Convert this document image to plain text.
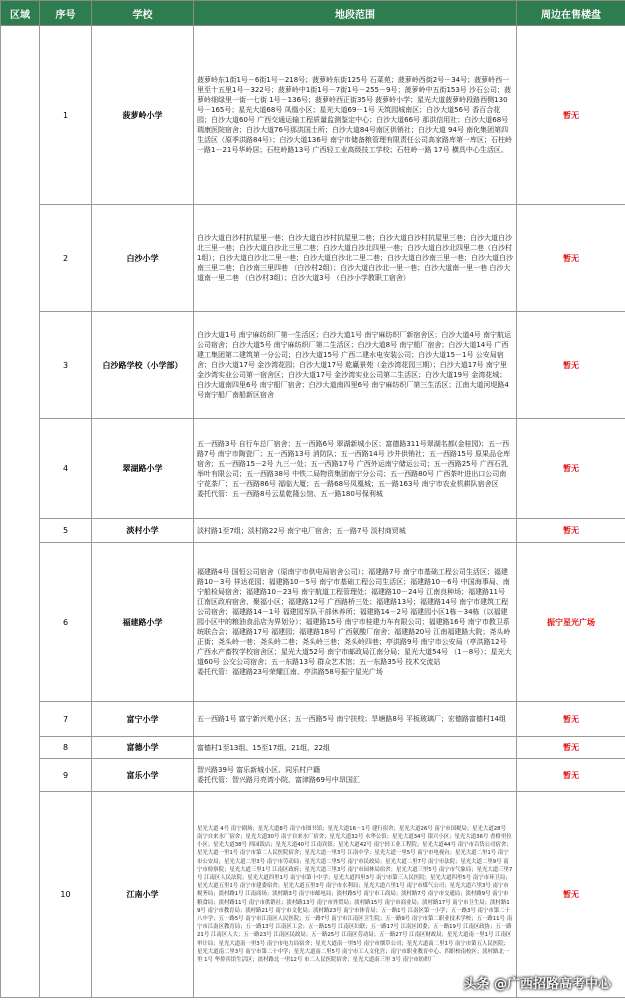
区域	序号	学校	地段范围	周边在售楼盘
	1	菠萝岭小学	菠萝岭东1街1号－6街1号－218号；菠萝岭东街125号 石菜苑；菠萝岭西街2号－34号；菠萝岭西一里至十五里1号－322号；菠萝岭中1街1号－7街1号－255－9号；菠萝岭中五街153号 沙石公司；菠萝岭细绿里一街一七街 1号－136号；菠萝岭西正街35号 菠萝岭小学；星光大道菠萝岭段路西侧130号－165号；星光大道68号 凤凰小区；星光大道69－1号 天筑园城南区；白沙大道56号 香百合花园；白沙大道60号 广西交通运输工程质量监测鉴定中心；白沙大道66号 那洪信用社；白沙大道68号 瑞康医院宿舍；白沙大道76号那洪国土所；白沙大道84号南区供销社；白沙大道 94号 南化集团第四生活区（原季洪路84号）；白沙大道136号 南宁市储备粮管理有限责任公司高家路库第一库区；石柱岭一路1－21号华岭居；石柱岭路13号 广西轻工业高级技工学校；石柱岭一路 17号 横具中心生活区。	暂无
	2	白沙小学	白沙大道白沙村抗屋里一巷；白沙大道白沙村抗屋里二巷；白沙大道白沙村抗屋里三巷；白沙大道白沙北三里一巷；白沙大道白沙北三里二巷；白沙大道白沙北四里一巷；白沙大道白沙北四里二巷（白沙村1组）；白沙大道白沙北二里一巷；白沙大道白沙北二里二巷；白沙大道白沙南三里一巷；白沙大道白沙南三里二巷；白沙南三里四巷 （白沙村2组）；白沙大道白沙北一里一巷；白沙大道南一里一巷 白沙大道南一里二巷 （白沙村3组）；白沙大道3号 （白沙小学教职工宿舍）	暂无
	3	白沙路学校（小学部）	白沙大道1号 南宁麻纺织厂第一生活区；白沙大道1号 南宁麻纺织厂新宿舍区；白沙大道4号 南宁航运公司宿舍；白沙大道5号 南宁麻纺织厂第二生活区；白沙大道8号 南宁船厂宿舍；白沙大道14号 广西建工集团第二建筑第一分公司；白沙大道15号 广西二建水电安装公司；白沙大道15－1号 公安局宿舍；白沙大道17号 金沙湾花园；白沙大道17号 乾赢景苑（金沙湾花园三期）；白沙大道17号 南宁里金沙湾实业公司第一宿舍区；白沙大道17号 金沙湾实业公司第二生活区；白沙大道19号 金湾花城；白沙大道南四里6号 南宁船厂宿舍；白沙大道南四里6号 南宁麻纺织厂第三生活区；江南大道河堤路4号南宁船厂南船新区宿舍	暂无
	4	翠湖路小学	五一西路3号 自行车总厂宿舍；五一西路6号 翠湖新城小区；富德路311号翠湖名都(金桂园)；五一西路7号 南宁市陶瓷厂；五一西路13号 消防队；五一西路14号 沙井供销社；五一西路15号 原果品仓库宿舍；五一西路15－2号 九三一处；五一西路17号 广西外运南宁储运公司；五一西路25号 广西石乳举叶有限公司；五一西路38号 中铁二局物资集团南宁分公司；五一西路80号 广西茶叶进出口公司南宁花茶厂；五一西路86号 福临大厦；五一路68号凤凰城；五一路163号 南宁市农业机耕队宿舍区
委托代管：五一西路8号云星乾隆公馆、五一路180号保利城	暂无
	5	淡村小学	淡村路1至7组；淡村路22号 南宁电厂宿舍；五一路7号 淡村商贸城	暂无
	6	福建路小学	福建路4号 国恒公司宿舍（原南宁市供电局宿舍公司）；福建路7号 南宁市基础工程公司生活区；福建路10－3号 祥达花园；福建路10－5号 南宁市基础工程公司生活区；福建路10－6号 中国海事局、南宁船检局宿舍；福建路10－23号 南宁航道工程管理处；福建路10－24号 江南良种场；福建路11号 江南区政府宿舍、聚福小区；福建路12号 广西路桥三处；福建路13号；福建路14号 南宁市建筑工程公司宿舍；福建路14－1号 福建园军队干部休养所；福建路14－2号 福建园小区1栋－34栋（以福建园小区中的粮油食品店为界划分）；福建路15号 南宁市桂建力车有限公司；福建路16号 南宁市教卫系统联合会；福建路17号 福建园；福建路18号 广西氨酸厂宿舍；福建路20号 江南福建路大院；尧头岭正街；尧头岭一巷；尧头岭二巷；尧头岭三巷；尧头岭四巷；亭洪路9号 南宁市公安局（亭洪路12号 广西水产畜牧学校宿舍区；星光大道52号 南宁市邮政局江南分局；星光大道54号 （1－8号）；星光大道60号 公交公司宿舍；五一东路13号 群众艺术馆；五一东路35号 技术交流站
委托代管：福建路23号荣耀江南、亭洪路58号振宁星光广场	振宁星光广场
	7	富宁小学	五一西路1号 富宁新兴苑小区；五一西路5号 南宁扶校；旱塘路8号 平板玻璃厂；宏德路富德村14组	暂无
	8	富德小学	富德村1至13组、15至17组、21组、22组	暂无
	9	富乐小学	智兴路39号 富乐新城小区、同乐村户籍
委托代管：智兴路月亮湾小院、富津路69号中昂国汇	暂无
	10	江南小学	星光大道 4号 南宁剧场；星光大道8号 南宁市图书馆；星光大道16－1号 建行宿舍；星光大道26号 南宁市国税局；星光大道28号 南宁自来水厂宿舍；星光大道30号 南宁自来水厂宿舍；星光大道32号 永华公馆；星光大道34号 银兴小区；星光大道36号 香格里拉小区；星光大道38号 西园饭店；星光大道40号 江南宾馆；星光大道42号 南宁轻工业工程院；星光大道44号 南宁市百货公司宿舍；星光大道一里1号 南宁市第二人民医院宿舍；星光大道一里3号 江南中学；星光大道一里5号 南宁市电视台；星光大道二里1号 南宁市公安局；星光大道二里3号 南宁市劳动局；星光大道二里5号 南宁市民政局；星光大道二里7号 南宁市法院；星光大道二里9号 南宁市检察院；星光大道三里1号 江南区政府；星光大道三里3号 南宁市园林局宿舍；星光大道三里5号 南宁市气象局；星光大道三里7号 江南区人民法院；星光大道四里1号 南宁市第十中学；星光大道四里3号 南宁市第三人民医院；星光大道四里5号 南宁市环卫局；星光大道五里1号 南宁市建委宿舍；星光大道五里3号 南宁市水利局；星光大道六里1号 南宁市煤气公司；星光大道六里3号 南宁市税务局；淡村路1号 江南商场；淡村路3号 南宁市邮电局；淡村路5号 南宁市工商局；淡村路7号 南宁市交通局；淡村路9号 南宁市粮食局；淡村路11号 南宁市供销社；淡村路13号 南宁市外贸局；淡村路15号 南宁市商业局；淡村路17号 南宁市卫生局；淡村路19号 南宁市教育局；淡村路21号 南宁市文化局；淡村路23号 南宁市体育局；五一路1号 江南区第一小学；五一路3号 南宁市第二十八中学；五一路5号 南宁市江南区人民医院；五一路7号 南宁市江南区卫生院；五一路9号 南宁市第二职业技术学校；五一路11号 南宁市江南区教育局；五一路13号 江南区工会；五一路15号 江南区妇联；五一路17号 江南区团委；五一路19号 江南区政协；五一路21号 江南区人大；五一路23号 江南区民政局；五一路25号 江南区劳动局；五一路27号 江南区财政局；星光大道南一里1号 江南区审计局；星光大道南一里3号 南宁市电力局宿舍；星光大道南一里5号 南宁市烟草公司；星光大道南二里1号 南宁市第五人民医院；星光大道南二里3号 南宁市第二十中学；星光大道南二里5号 南宁市工人文化宫；南宁市职业教育中心、四职校南校区；淡村路北一里 1号 华侨宾馆生活区；淡村路北一里12号 市二人民医院宿舍；星光大道南三里 3号 南宁市纺织厂	暂无
头条 @广西招路高考中心
